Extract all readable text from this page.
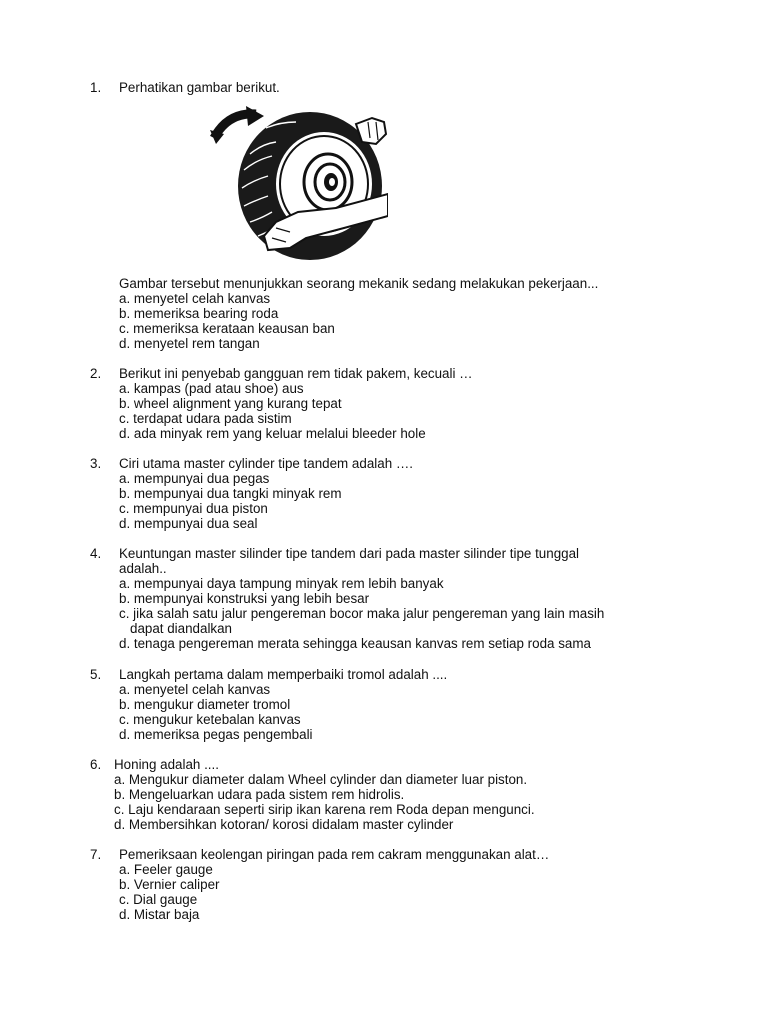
1. Perhatikan gambar berikut.
Gambar tersebut menunjukkan seorang mekanik sedang melakukan pekerjaan...
a. menyetel celah kanvas
b. memeriksa bearing roda
c. memeriksa kerataan keausan ban
d. menyetel rem tangan
2. Berikut ini penyebab gangguan rem tidak pakem, kecuali …
a. kampas (pad atau shoe) aus
b. wheel alignment yang kurang tepat
c. terdapat udara pada sistim
d. ada minyak rem yang keluar melalui bleeder hole
3. Ciri utama master cylinder tipe tandem adalah ….
a. mempunyai dua pegas
b. mempunyai dua tangki minyak rem
c. mempunyai dua piston
d. mempunyai dua seal
4. Keuntungan master silinder tipe tandem dari pada master silinder tipe tunggal
adalah..
a. mempunyai daya tampung minyak rem lebih banyak
b. mempunyai konstruksi yang lebih besar
c. jika salah satu jalur pengereman bocor maka jalur pengereman yang lain masih
dapat diandalkan
d. tenaga pengereman merata sehingga keausan kanvas rem setiap roda sama
5. Langkah pertama dalam memperbaiki tromol adalah ....
a. menyetel celah kanvas
b. mengukur diameter tromol
c. mengukur ketebalan kanvas
d. memeriksa pegas pengembali
6. Honing adalah ....
a. Mengukur diameter dalam Wheel cylinder dan diameter luar piston.
b. Mengeluarkan udara pada sistem rem hidrolis.
c. Laju kendaraan seperti sirip ikan karena rem Roda depan mengunci.
d. Membersihkan kotoran/ korosi didalam master cylinder
7. Pemeriksaan keolengan piringan pada rem cakram menggunakan alat…
a. Feeler gauge
b. Vernier caliper
c. Dial gauge
d. Mistar baja
